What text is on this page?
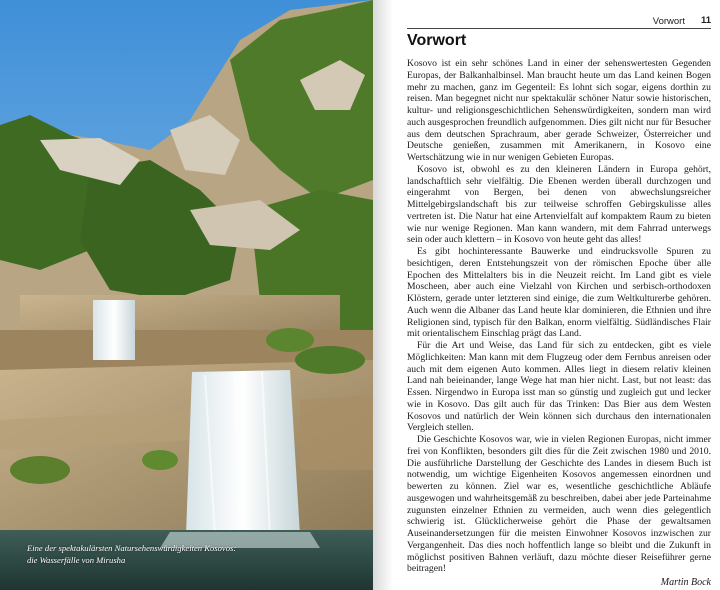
Eine der spektakulärsten Natursehenswürdigkeiten Kosovos:
die Wasserfälle von Mirusha
Vorwort 11
Vorwort

Kosovo ist ein sehr schönes Land in einer der sehenswertesten Gegenden Europas, der Balkanhalbinsel. Man braucht heute um das Land keinen Bogen mehr zu machen, ganz im Gegenteil: Es lohnt sich sogar, eigens dorthin zu reisen. Man begegnet nicht nur spektakulär schöner Natur sowie historischen, kultur- und religionsgeschichtlichen Sehenswürdigkeiten, sondern man wird auch ausgesprochen freundlich aufgenommen. Dies gilt nicht nur für Besucher aus dem deutschen Sprachraum, aber gerade Schweizer, Österreicher und Deutsche genießen, zusammen mit Amerikanern, in Kosovo eine Wertschätzung wie in nur wenigen Gebieten Europas.

Kosovo ist, obwohl es zu den kleineren Ländern in Europa gehört, landschaftlich sehr vielfältig. Die Ebenen werden überall durchzogen und eingerahmt von Bergen, bei denen von abwechslungsreicher Mittelgebirgslandschaft bis zur teilweise schroffen Gebirgskulisse alles vertreten ist. Die Natur hat eine Artenvielfalt auf kompaktem Raum zu bieten wie nur wenige Regionen. Man kann wandern, mit dem Fahrrad unterwegs sein oder auch klettern – in Kosovo von heute geht das alles!

Es gibt hochinteressante Bauwerke und eindrucksvolle Spuren zu besichtigen, deren Entstehungszeit von der römischen Epoche über alle Epochen des Mittelalters bis in die Neuzeit reicht. Im Land gibt es viele Moscheen, aber auch eine Vielzahl von Kirchen und serbisch-orthodoxen Klöstern, gerade unter letzteren sind einige, die zum Weltkulturerbe gehören. Auch wenn die Albaner das Land heute klar dominieren, die Ethnien und ihre Religionen sind, typisch für den Balkan, enorm vielfältig. Südländisches Flair mit orientalischem Einschlag prägt das Land.

Für die Art und Weise, das Land für sich zu entdecken, gibt es viele Möglichkeiten: Man kann mit dem Flugzeug oder dem Fernbus anreisen oder auch mit dem eigenen Auto kommen. Alles liegt in diesem relativ kleinen Land nah beieinander, lange Wege hat man hier nicht. Last, but not least: das Essen. Nirgendwo in Europa isst man so günstig und zugleich gut und lecker wie in Kosovo. Das gilt auch für das Trinken: Das Bier aus dem Westen Kosovos und natürlich der Wein können sich durchaus den internationalen Vergleich stellen.

Die Geschichte Kosovos war, wie in vielen Regionen Europas, nicht immer frei von Konflikten, besonders gilt dies für die Zeit zwischen 1980 und 2010. Die ausführliche Darstellung der Geschichte des Landes in diesem Buch ist notwendig, um wichtige Eigenheiten Kosovos angemessen einordnen und bewerten zu können. Ziel war es, wesentliche geschichtliche Abläufe ausgewogen und wahrheitsgemäß zu beschreiben, dabei aber jede Parteinahme zugunsten einzelner Ethnien zu vermeiden, auch wenn dies gelegentlich schwierig ist. Glücklicherweise gehört die Phase der gewaltsamen Auseinandersetzungen für die meisten Einwohner Kosovos inzwischen zur Vergangenheit. Das dies noch hoffentlich lange so bleibt und die Zukunft in möglichst positiven Bahnen verläuft, dazu möchte dieser Reiseführer gerne beitragen!

Martin Bock
